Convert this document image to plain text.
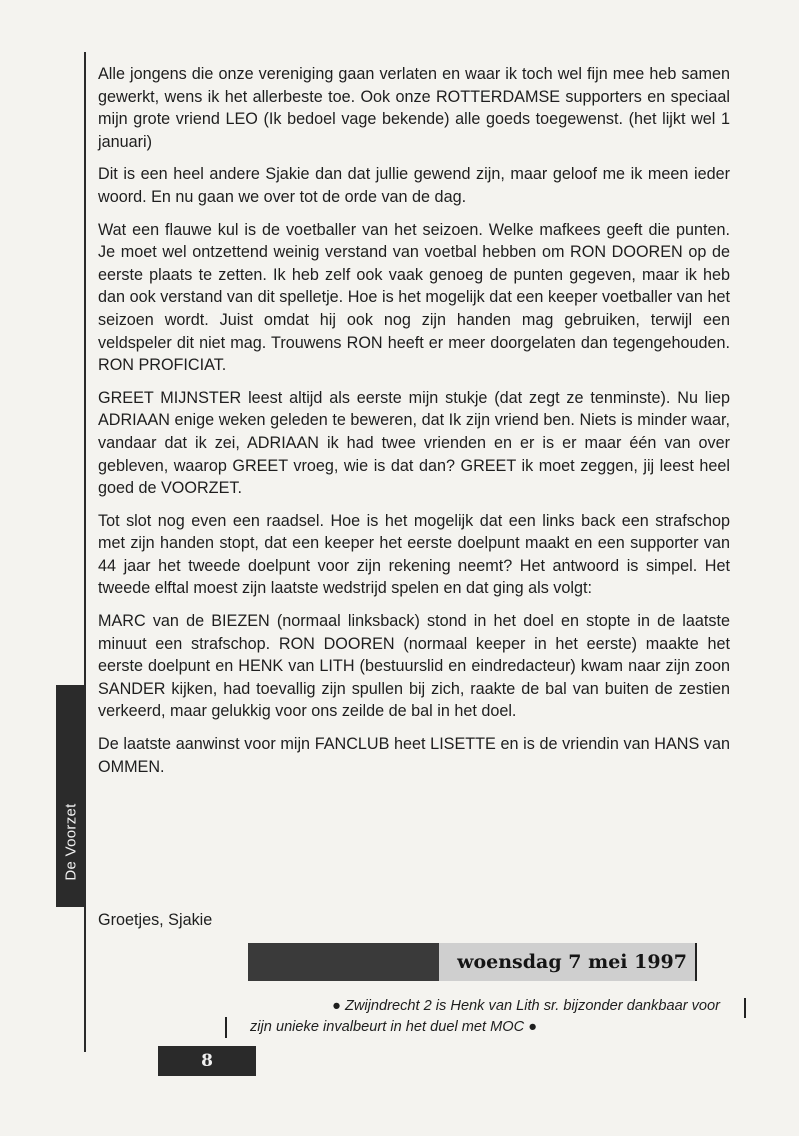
De Voorzet

Alle jongens die onze vereniging gaan verlaten en waar ik toch wel fijn mee heb samen gewerkt, wens ik het allerbeste toe. Ook onze ROTTERDAMSE supporters en speciaal mijn grote vriend LEO (Ik bedoel vage bekende) alle goeds toegewenst. (het lijkt wel 1 januari)

Dit is een heel andere Sjakie dan dat jullie gewend zijn, maar geloof me ik meen ieder woord. En nu gaan we over tot de orde van de dag.

Wat een flauwe kul is de voetballer van het seizoen. Welke mafkees geeft die punten. Je moet wel ontzettend weinig verstand van voetbal hebben om RON DOOREN op de eerste plaats te zetten. Ik heb zelf ook vaak genoeg de punten gegeven, maar ik heb dan ook verstand van dit spelletje. Hoe is het mogelijk dat een keeper voetballer van het seizoen wordt. Juist omdat hij ook nog zijn handen mag gebruiken, terwijl een veldspeler dit niet mag. Trouwens RON heeft er meer doorgelaten dan tegengehouden. RON PROFICIAT.

GREET MIJNSTER leest altijd als eerste mijn stukje (dat zegt ze tenminste). Nu liep ADRIAAN enige weken geleden te beweren, dat Ik zijn vriend ben. Niets is minder waar, vandaar dat ik zei, ADRIAAN ik had twee vrienden en er is er maar één van over gebleven, waarop GREET vroeg, wie is dat dan? GREET ik moet zeggen, jij leest heel goed de VOORZET.

Tot slot nog even een raadsel. Hoe is het mogelijk dat een links back een strafschop met zijn handen stopt, dat een keeper het eerste doelpunt maakt en een supporter van 44 jaar het tweede doelpunt voor zijn rekening neemt? Het antwoord is simpel. Het tweede elftal moest zijn laatste wedstrijd spelen en dat ging als volgt:

MARC van de BIEZEN (normaal linksback) stond in het doel en stopte in de laatste minuut een strafschop. RON DOOREN (normaal keeper in het eerste) maakte het eerste doelpunt en HENK van LITH (bestuurslid en eindredacteur) kwam naar zijn zoon SANDER kijken, had toevallig zijn spullen bij zich, raakte de bal van buiten de zestien verkeerd, maar gelukkig voor ons zeilde de bal in het doel.

De laatste aanwinst voor mijn FANCLUB heet LISETTE en is de vriendin van HANS van OMMEN.

Groetjes, Sjakie
woensdag 7 mei 1997
● Zwijndrecht 2 is Henk van Lith sr. bijzonder dankbaar voor
zijn unieke invalbeurt in het duel met MOC ●
8
